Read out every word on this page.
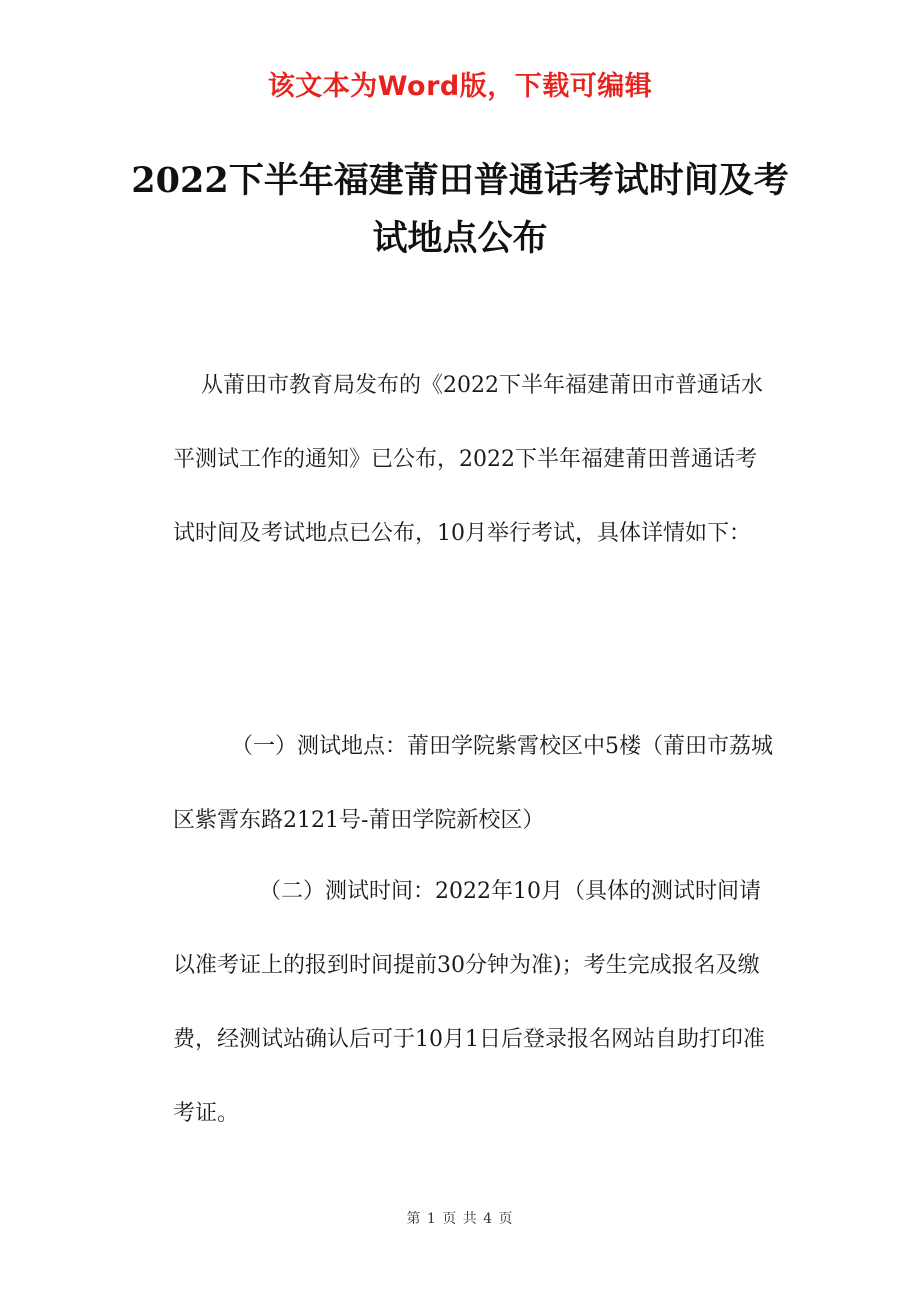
该文本为Word版，下载可编辑
2022下半年福建莆田普通话考试时间及考试地点公布

从莆田市教育局发布的《2022下半年福建莆田市普通话水平测试工作的通知》已公布，2022下半年福建莆田普通话考试时间及考试地点已公布，10月举行考试，具体详情如下：

（一）测试地点：莆田学院紫霄校区中5楼（莆田市荔城区紫霄东路2121号-莆田学院新校区）

（二）测试时间：2022年10月（具体的测试时间请以准考证上的报到时间提前30分钟为准)；考生完成报名及缴费，经测试站确认后可于10月1日后登录报名网站自助打印准考证。

第 1 页 共 4 页
